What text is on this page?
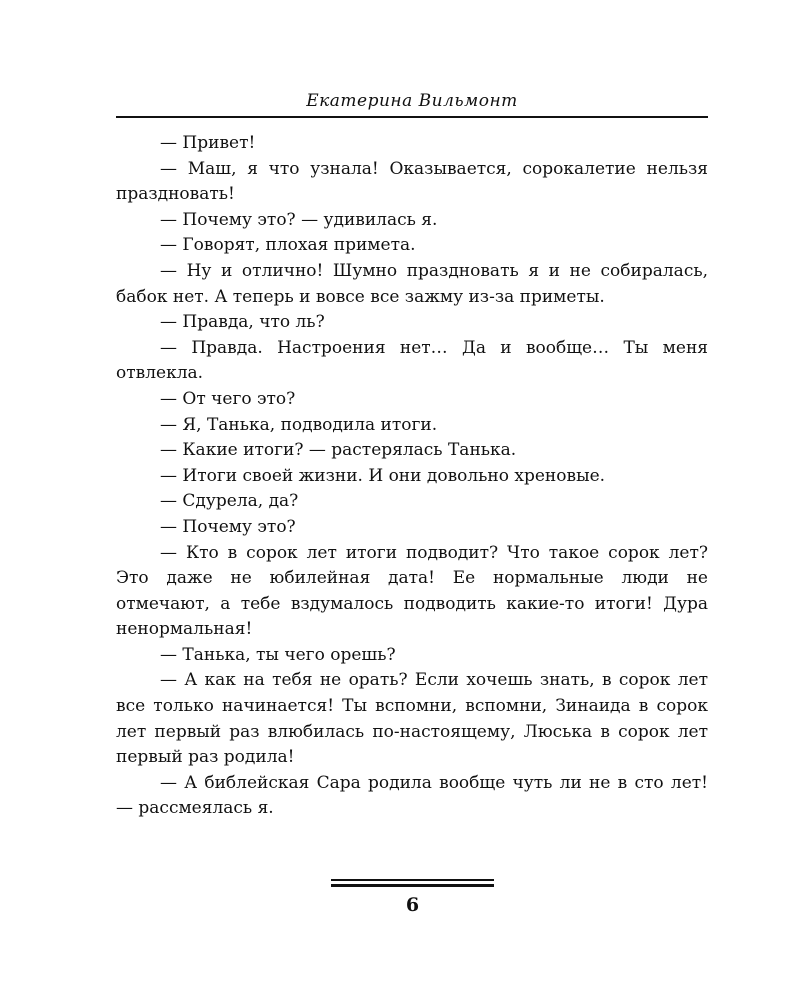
Екатерина Вильмонт

— Привет!

— Маш, я что узнала! Оказывается, сорокалетие нельзя праздновать!

— Почему это? — удивилась я.

— Говорят, плохая примета.

— Ну и отлично! Шумно праздновать я и не собиралась, бабок нет. А теперь и вовсе все зажму из-за приметы.

— Правда, что ль?

— Правда. Настроения нет… Да и вообще… Ты меня отвлекла.

— От чего это?

— Я, Танька, подводила итоги.

— Какие итоги? — растерялась Танька.

— Итоги своей жизни. И они довольно хреновые.

— Сдурела, да?

— Почему это?

— Кто в сорок лет итоги подводит? Что такое сорок лет? Это даже не юбилейная дата! Ее нормальные люди не отмечают, а тебе вздумалось подводить какие-то итоги! Дура ненормальная!

— Танька, ты чего орешь?

— А как на тебя не орать? Если хочешь знать, в сорок лет все только начинается! Ты вспомни, вспомни, Зинаида в сорок лет первый раз влюбилась по-настоящему, Люська в сорок лет первый раз родила!

— А библейская Сара родила вообще чуть ли не в сто лет! — рассмеялась я.

6
